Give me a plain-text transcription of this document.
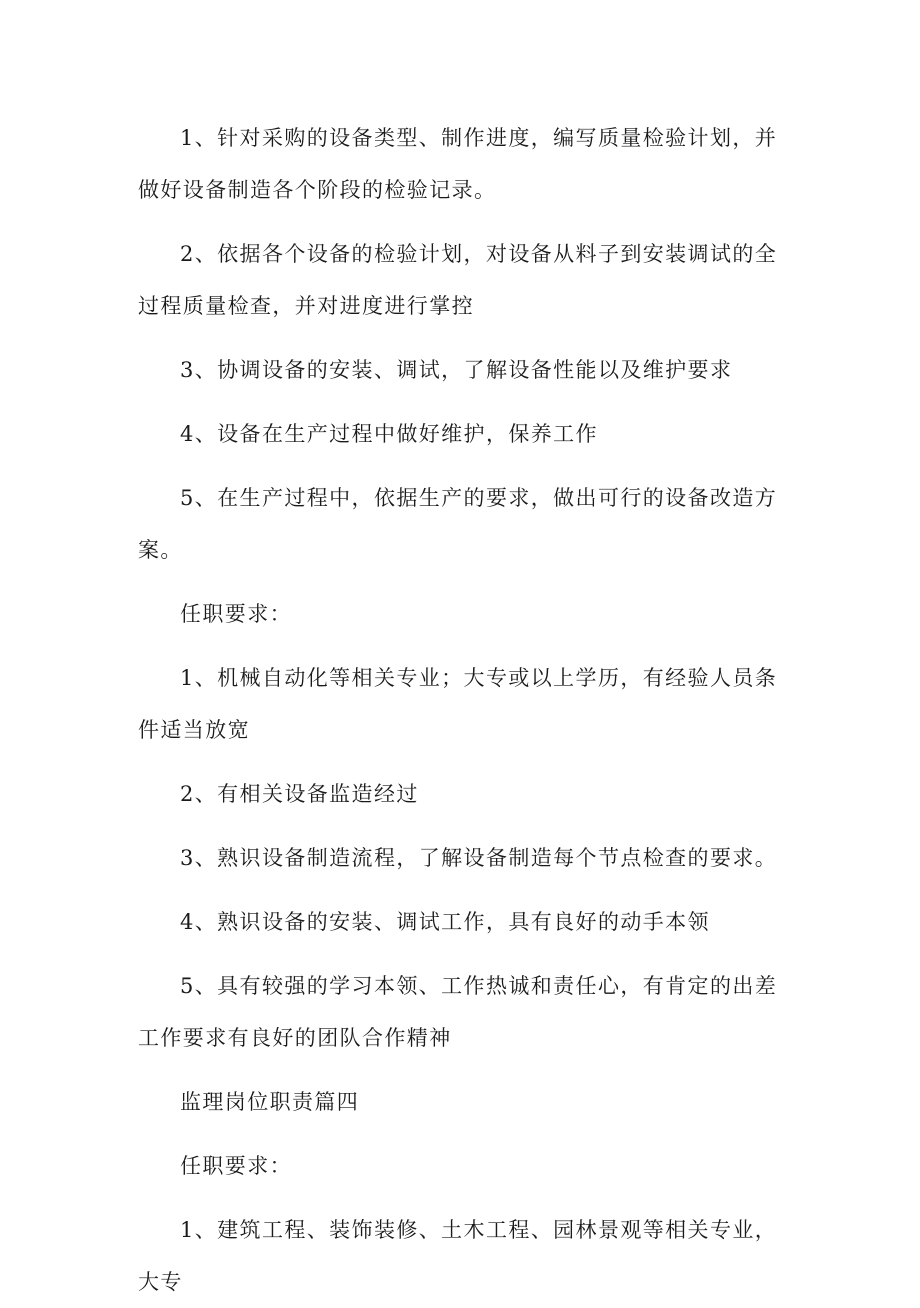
1、针对采购的设备类型、制作进度，编写质量检验计划，并做好设备制造各个阶段的检验记录。

2、依据各个设备的检验计划，对设备从料子到安装调试的全过程质量检查，并对进度进行掌控

3、协调设备的安装、调试，了解设备性能以及维护要求

4、设备在生产过程中做好维护，保养工作

5、在生产过程中，依据生产的要求，做出可行的设备改造方案。

任职要求：

1、机械自动化等相关专业；大专或以上学历，有经验人员条件适当放宽

2、有相关设备监造经过

3、熟识设备制造流程，了解设备制造每个节点检查的要求。

4、熟识设备的安装、调试工作，具有良好的动手本领

5、具有较强的学习本领、工作热诚和责任心，有肯定的出差工作要求有良好的团队合作精神

监理岗位职责篇四

任职要求：

1、建筑工程、装饰装修、土木工程、园林景观等相关专业，大专
